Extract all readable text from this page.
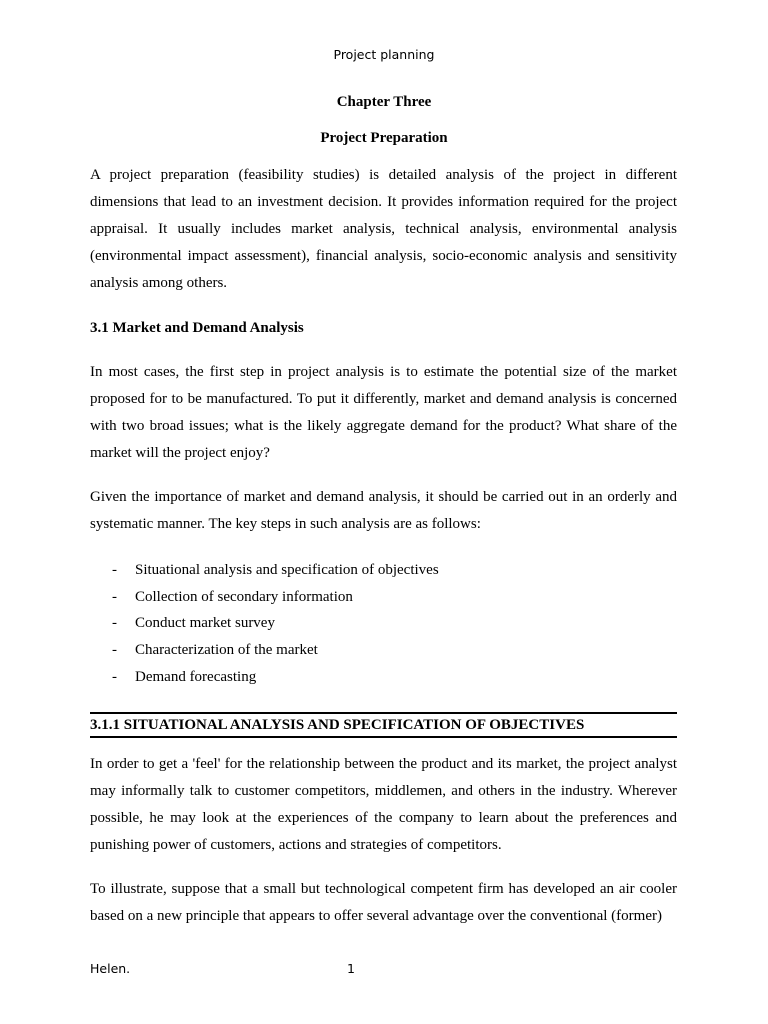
Project planning
Chapter Three
Project Preparation

A project preparation (feasibility studies) is detailed analysis of the project in different dimensions that lead to an investment decision. It provides information required for the project appraisal. It usually includes market analysis, technical analysis, environmental analysis (environmental impact assessment), financial analysis, socio-economic analysis and sensitivity analysis among others.

3.1 Market and Demand Analysis

In most cases, the first step in project analysis is to estimate the potential size of the market proposed for to be manufactured. To put it differently, market and demand analysis is concerned with two broad issues; what is the likely aggregate demand for the product? What share of the market will the project enjoy?

Given the importance of market and demand analysis, it should be carried out in an orderly and systematic manner. The key steps in such analysis are as follows:

- Situational analysis and specification of objectives
- Collection of secondary information
- Conduct market survey
- Characterization of the market
- Demand forecasting
3.1.1 SITUATIONAL ANALYSIS AND SPECIFICATION OF OBJECTIVES

In order to get a 'feel' for the relationship between the product and its market, the project analyst may informally talk to customer competitors, middlemen, and others in the industry. Wherever possible, he may look at the experiences of the company to learn about the preferences and punishing power of customers, actions and strategies of competitors.

To illustrate, suppose that a small but technological competent firm has developed an air cooler based on a new principle that appears to offer several advantage over the conventional (former)

Helen.	1
